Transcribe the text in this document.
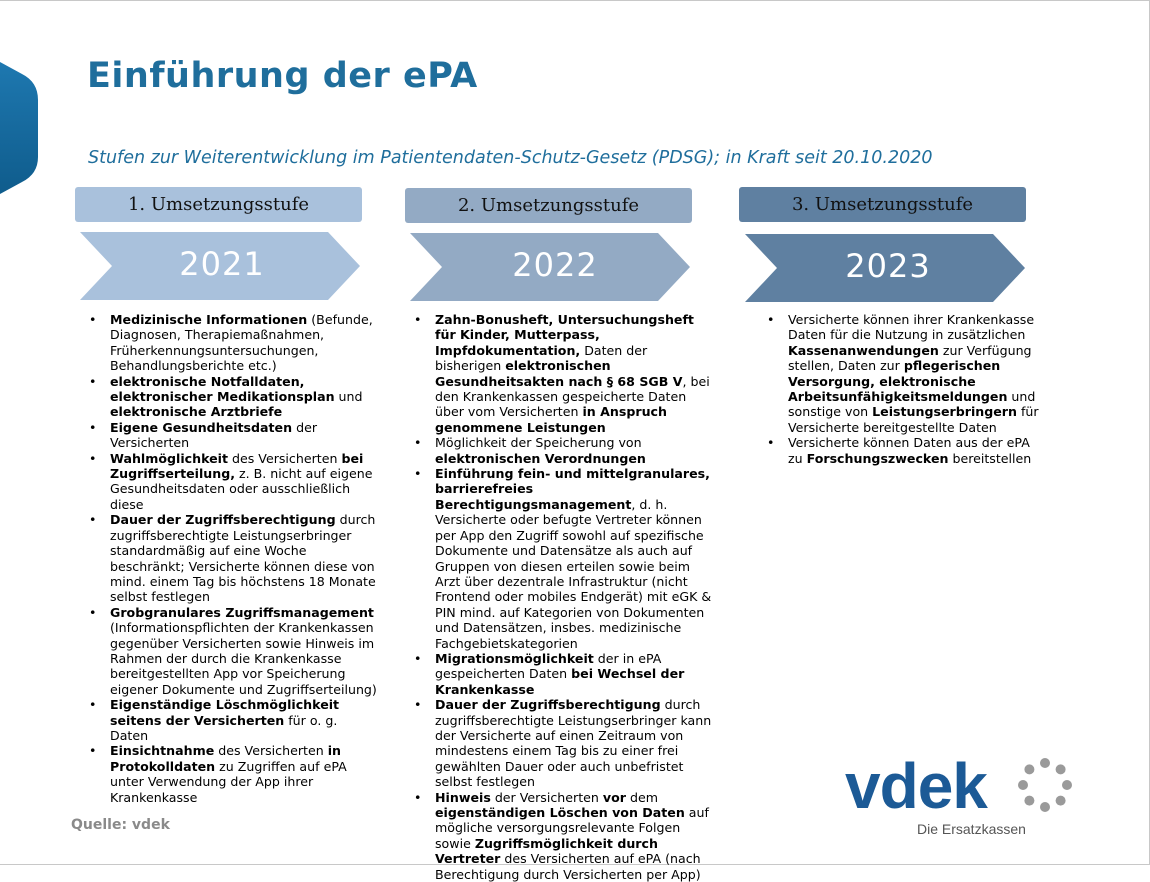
Einführung der ePA
Stufen zur Weiterentwicklung im Patientendaten-Schutz-Gesetz (PDSG); in Kraft seit 20.10.2020
1. Umsetzungsstufe	2. Umsetzungsstufe	3. Umsetzungsstufe
2021	2022	2023
• Medizinische Informationen (Befunde, Diagnosen, Therapiemaßnahmen, Früherkennungsuntersuchungen, Behandlungsberichte etc.)
• elektronische Notfalldaten, elektronischer Medikationsplan und elektronische Arztbriefe
• Eigene Gesundheitsdaten der Versicherten
• Wahlmöglichkeit des Versicherten bei Zugriffserteilung, z. B. nicht auf eigene Gesundheitsdaten oder ausschließlich diese
• Dauer der Zugriffsberechtigung durch zugriffsberechtigte Leistungserbringer standardmäßig auf eine Woche beschränkt; Versicherte können diese von mind. einem Tag bis höchstens 18 Monate selbst festlegen
• Grobgranulares Zugriffsmanagement (Informationspflichten der Krankenkassen gegenüber Versicherten sowie Hinweis im Rahmen der durch die Krankenkasse bereitgestellten App vor Speicherung eigener Dokumente und Zugriffserteilung)
• Eigenständige Löschmöglichkeit seitens der Versicherten für o. g. Daten
• Einsichtnahme des Versicherten in Protokolldaten zu Zugriffen auf ePA unter Verwendung der App ihrer Krankenkasse
• Zahn-Bonusheft, Untersuchungsheft für Kinder, Mutterpass, Impfdokumentation, Daten der bisherigen elektronischen Gesundheitsakten nach § 68 SGB V, bei den Krankenkassen gespeicherte Daten über vom Versicherten in Anspruch genommene Leistungen
• Möglichkeit der Speicherung von elektronischen Verordnungen
• Einführung fein- und mittelgranulares, barrierefreies Berechtigungsmanagement, d. h. Versicherte oder befugte Vertreter können per App den Zugriff sowohl auf spezifische Dokumente und Datensätze als auch auf Gruppen von diesen erteilen sowie beim Arzt über dezentrale Infrastruktur (nicht Frontend oder mobiles Endgerät) mit eGK & PIN mind. auf Kategorien von Dokumenten und Datensätzen, insbes. medizinische Fachgebietskategorien
• Migrationsmöglichkeit der in ePA gespeicherten Daten bei Wechsel der Krankenkasse
• Dauer der Zugriffsberechtigung durch zugriffsberechtigte Leistungserbringer kann der Versicherte auf einen Zeitraum von mindestens einem Tag bis zu einer frei gewählten Dauer oder auch unbefristet selbst festlegen
• Hinweis der Versicherten vor dem eigenständigen Löschen von Daten auf mögliche versorgungsrelevante Folgen sowie Zugriffsmöglichkeit durch Vertreter des Versicherten auf ePA (nach Berechtigung durch Versicherten per App)
• Versicherte können ihrer Krankenkasse Daten für die Nutzung in zusätzlichen Kassenanwendungen zur Verfügung stellen, Daten zur pflegerischen Versorgung, elektronische Arbeitsunfähigkeitsmeldungen und sonstige von Leistungserbringern für Versicherte bereitgestellte Daten
• Versicherte können Daten aus der ePA zu Forschungszwecken bereitstellen
Quelle: vdek
vdek
Die Ersatzkassen
